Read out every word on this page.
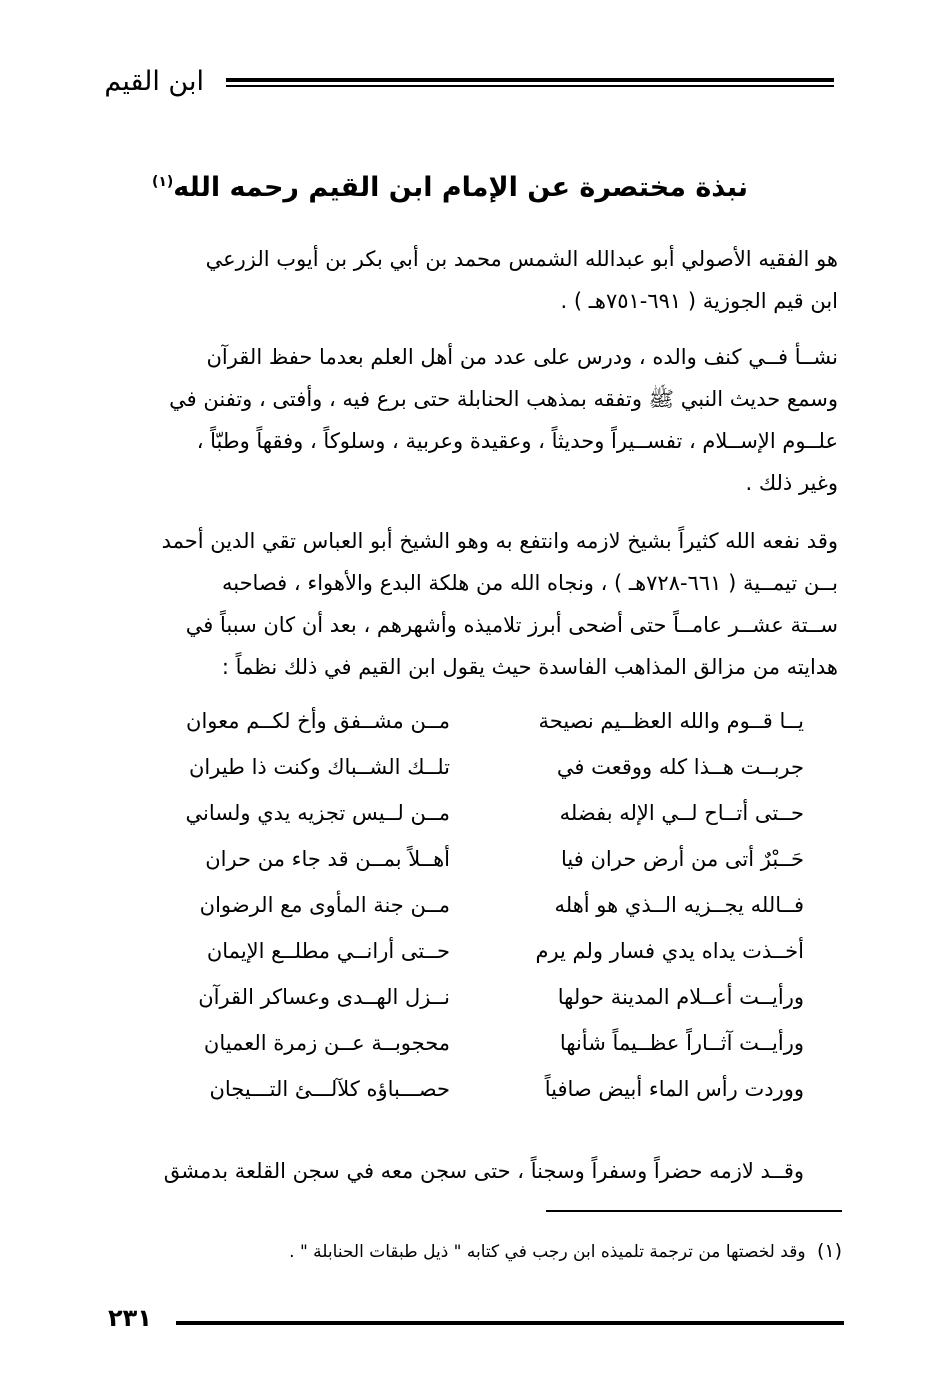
ابن القيم
نبذة مختصرة عن الإمام ابن القيم رحمه الله$^{(١)}$
هو الفقيه الأصولي أبو عبدالله الشمس محمد بن أبي بكر بن أيوب الزرعي
ابن قيم الجوزية ( ٦٩١-٧٥١هـ ) .
نشــأ فــي كنف والده ، ودرس على عدد من أهل العلم بعدما حفظ القرآن
وسمع حديث النبي ﷺ وتفقه بمذهب الحنابلة حتى برع فيه ، وأفتى ، وتفنن في
علــوم الإســلام ، تفســيراً وحديثاً ، وعقيدة وعربية ، وسلوكاً ، وفقهاً وطبّاً ،
وغير ذلك .
وقد نفعه الله كثيراً بشيخ لازمه وانتفع به وهو الشيخ أبو العباس تقي الدين أحمد
بــن تيمــية ( ٦٦١-٧٢٨هـ ) ، ونجاه الله من هلكة البدع والأهواء ، فصاحبه
ســتة عشــر عامــاً حتى أضحى أبرز تلاميذه وأشهرهم ، بعد أن كان سبباً في
هدايته من مزالق المذاهب الفاسدة حيث يقول ابن القيم في ذلك نظماً :
يــا قــوم والله العظــيم نصيحة
مــن مشــفق وأخ لكــم معوان
جربــت هــذا كله ووقعت في
تلــك الشــباك وكنت ذا طيران
حــتى أتــاح لــي الإله بفضله
مــن لــيس تجزيه يدي ولساني
حَــبْرٌ أتى من أرض حران فيا
أهــلاً بمــن قد جاء من حران
فــالله يجــزيه الــذي هو أهله
مــن جنة المأوى مع الرضوان
أخــذت يداه يدي فسار ولم يرم
حــتى أرانــي مطلــع الإيمان
ورأيــت أعــلام المدينة حولها
نــزل الهــدى وعساكر القرآن
ورأيــت آثــاراً عظــيماً شأنها
محجوبــة عــن زمرة العميان
ووردت رأس الماء أبيض صافياً
حصـــباؤه كلآلـــئ التـــيجان
وقــد لازمه حضراً وسفراً وسجناً ، حتى سجن معه في سجن القلعة بدمشق
(١) وقد لخصتها من ترجمة تلميذه ابن رجب في كتابه " ذيل طبقات الحنابلة " .
٢٣١
